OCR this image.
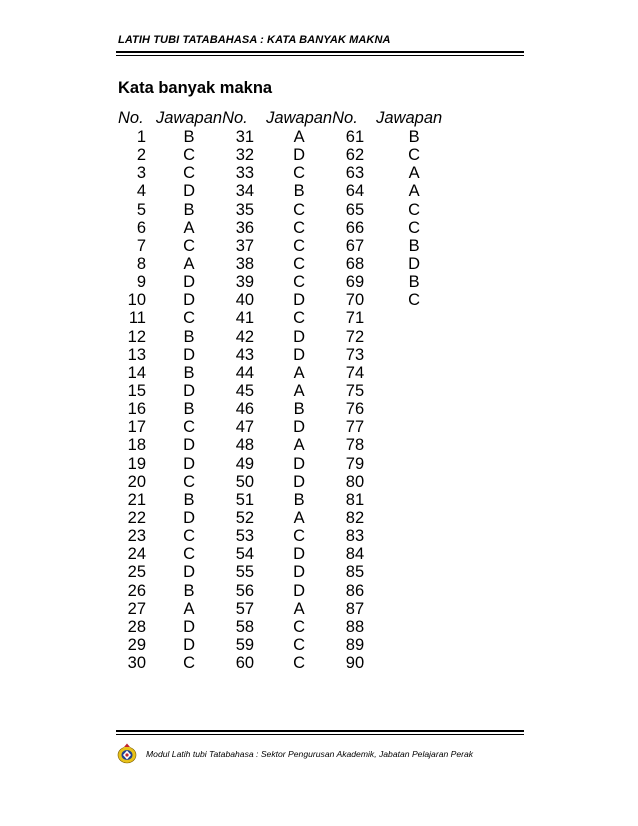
LATIH TUBI TATABAHASA : KATA BANYAK MAKNA
Kata banyak makna
No.	Jawapan	No.	Jawapan	No.	Jawapan
1	B	31	A	61	B
2	C	32	D	62	C
3	C	33	C	63	A
4	D	34	B	64	A
5	B	35	C	65	C
6	A	36	C	66	C
7	C	37	C	67	B
8	A	38	C	68	D
9	D	39	C	69	B
10	D	40	D	70	C
11	C	41	C	71	
12	B	42	D	72	
13	D	43	D	73	
14	B	44	A	74	
15	D	45	A	75	
16	B	46	B	76	
17	C	47	D	77	
18	D	48	A	78	
19	D	49	D	79	
20	C	50	D	80	
21	B	51	B	81	
22	D	52	A	82	
23	C	53	C	83	
24	C	54	D	84	
25	D	55	D	85	
26	B	56	D	86	
27	A	57	A	87	
28	D	58	C	88	
29	D	59	C	89	
30	C	60	C	90	
Modul Latih tubi Tatabahasa : Sektor Pengurusan Akademik, Jabatan Pelajaran Perak
